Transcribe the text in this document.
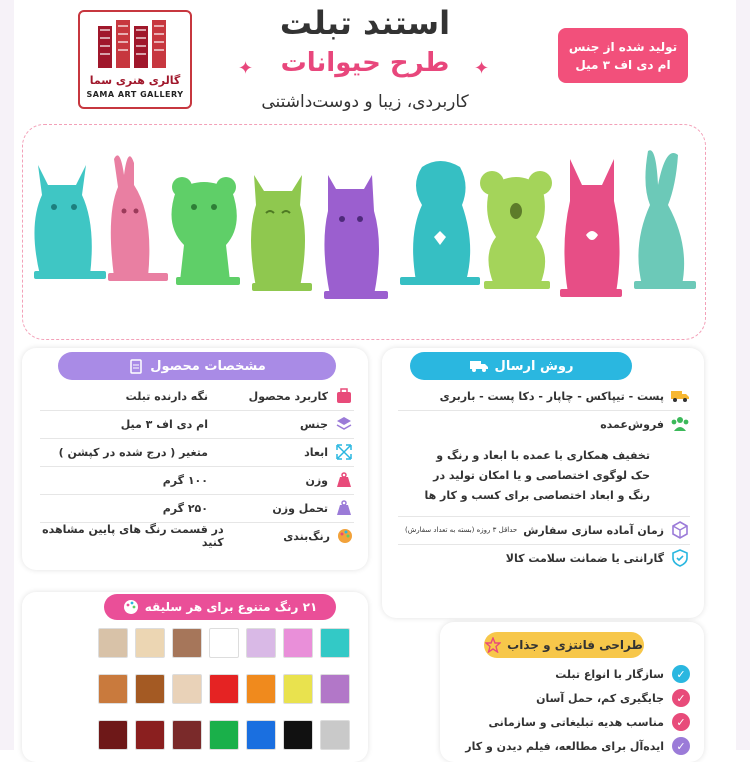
گالری هنری سما
SAMA ART GALLERY
استند تبلت
✦	طرح حیوانات	✦
کاربردی، زیبا و دوست‌داشتنی
تولید شده از جنس
ام دی اف ۳ میل
مشخصات محصول
کاربرد محصول
نگه دارنده تبلت
جنس
ام دی اف ۳ میل
ابعاد
متغیر ( درج شده در کپشن )
وزن
۱۰۰ گرم
تحمل وزن
۲۵۰ گرم
رنگ‌بندی
در قسمت رنگ های پایین مشاهده کنید
روش ارسال
پست - تیپاکس - چاپار - دکا پست - باربری
فروش‌عمده
تخفیف همکاری با عمده با ابعاد و رنگ و
حک لوگوی اختصاصی و یا امکان تولید در
رنگ و ابعاد اختصاصی برای کسب و کار ها
زمان آماده سازی سفارش
حداقل ۳ روزه (بسته به تعداد سفارش)
گارانتی یا ضمانت سلامت کالا
۲۱ رنگ متنوع برای هر سلیقه
طراحی فانتزی و جذاب
✓
سازگار با انواع تبلت
✓
جایگیری کم، حمل آسان
✓
مناسب هدیه تبلیغاتی و سازمانی
✓
ایده‌آل برای مطالعه، فیلم دیدن و کار
